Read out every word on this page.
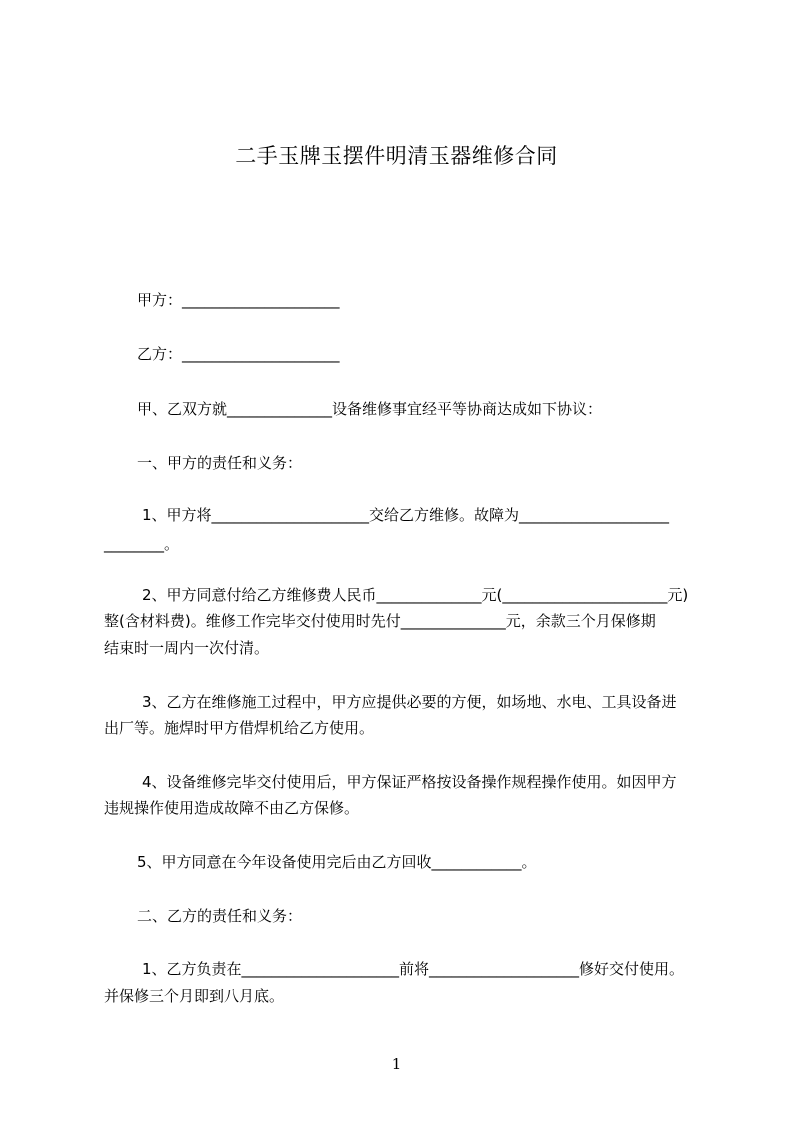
二手玉牌玉摆件明清玉器维修合同
甲方：_____________________
乙方：_____________________
甲、乙双方就______________设备维修事宜经平等协商达成如下协议：
一、甲方的责任和义务：
1、甲方将_____________________交给乙方维修。故障为____________________
________。
2、甲方同意付给乙方维修费人民币______________元(______________________元)
整(含材料费)。维修工作完毕交付使用时先付______________元，余款三个月保修期
结束时一周内一次付清。
3、乙方在维修施工过程中，甲方应提供必要的方便，如场地、水电、工具设备进
出厂等。施焊时甲方借焊机给乙方使用。
4、设备维修完毕交付使用后，甲方保证严格按设备操作规程操作使用。如因甲方
违规操作使用造成故障不由乙方保修。
5、甲方同意在今年设备使用完后由乙方回收____________。
二、乙方的责任和义务：
1、乙方负责在_____________________前将____________________修好交付使用。
并保修三个月即到八月底。
1
